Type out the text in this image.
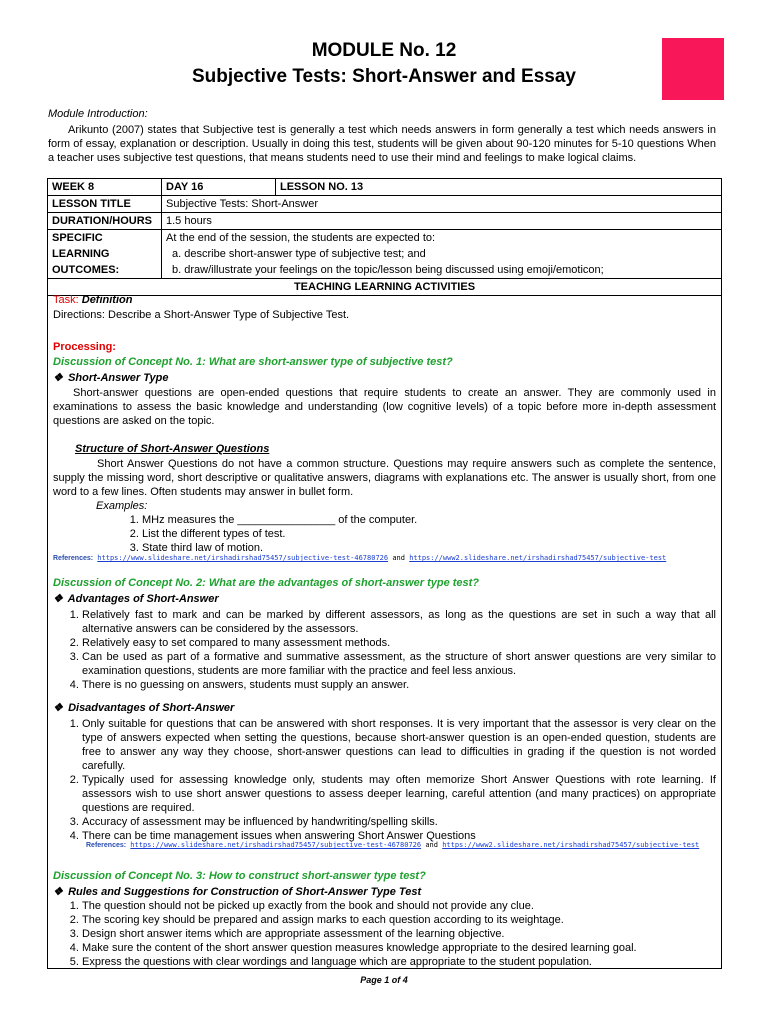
MODULE No. 12
Subjective Tests: Short-Answer and Essay
Module Introduction:
Arikunto (2007) states that Subjective test is generally a test which needs answers in form generally a test which needs answers in form of essay, explanation or description. Usually in doing this test, students will be given about 90-120 minutes for 5-10 questions When a teacher uses subjective test questions, that means students need to use their mind and feelings to make logical claims.
WEEK 8	DAY 16	LESSON NO. 13
LESSON TITLE	Subjective Tests: Short-Answer	
DURATION/HOURS	1.5 hours	
SPECIFIC	At the end of the session, the students are expected to:	
LEARNING	a. describe short-answer type of subjective test; and	
OUTCOMES:	b. draw/illustrate your feelings on the topic/lesson being discussed using emoji/emoticon;	
TEACHING LEARNING ACTIVITIES		
Task: Definition
Directions: Describe a Short-Answer Type of Subjective Test.
Processing:
Discussion of Concept No. 1: What are short-answer type of subjective test?
❖ Short-Answer Type
Short-answer questions are open-ended questions that require students to create an answer. They are commonly used in examinations to assess the basic knowledge and understanding (low cognitive levels) of a topic before more in-depth assessment questions are asked on the topic.
Structure of Short-Answer Questions
Short Answer Questions do not have a common structure. Questions may require answers such as complete the sentence, supply the missing word, short descriptive or qualitative answers, diagrams with explanations etc. The answer is usually short, from one word to a few lines. Often students may answer in bullet form.
Examples:
1. MHz measures the ________________ of the computer.
2. List the different types of test.
3. State third law of motion.
References: https://www.slideshare.net/irshadirshad75457/subjective-test-46780726 and https://www2.slideshare.net/irshadirshad75457/subjective-test
Discussion of Concept No. 2: What are the advantages of short-answer type test?
❖ Advantages of Short-Answer
1. Relatively fast to mark and can be marked by different assessors, as long as the questions are set in such a way that all alternative answers can be considered by the assessors.
2. Relatively easy to set compared to many assessment methods.
3. Can be used as part of a formative and summative assessment, as the structure of short answer questions are very similar to examination questions, students are more familiar with the practice and feel less anxious.
4. There is no guessing on answers, students must supply an answer.
❖ Disadvantages of Short-Answer
1. Only suitable for questions that can be answered with short responses. It is very important that the assessor is very clear on the type of answers expected when setting the questions, because short-answer question is an open-ended question, students are free to answer any way they choose, short-answer questions can lead to difficulties in grading if the question is not worded carefully.
2. Typically used for assessing knowledge only, students may often memorize Short Answer Questions with rote learning. If assessors wish to use short answer questions to assess deeper learning, careful attention (and many practices) on appropriate questions are required.
3. Accuracy of assessment may be influenced by handwriting/spelling skills.
4. There can be time management issues when answering Short Answer Questions
References: https://www.slideshare.net/irshadirshad75457/subjective-test-46780726 and https://www2.slideshare.net/irshadirshad75457/subjective-test
Discussion of Concept No. 3: How to construct short-answer type test?
❖ Rules and Suggestions for Construction of Short-Answer Type Test
1. The question should not be picked up exactly from the book and should not provide any clue.
2. The scoring key should be prepared and assign marks to each question according to its weightage.
3. Design short answer items which are appropriate assessment of the learning objective.
4. Make sure the content of the short answer question measures knowledge appropriate to the desired learning goal.
5. Express the questions with clear wordings and language which are appropriate to the student population.
Page 1 of 4
